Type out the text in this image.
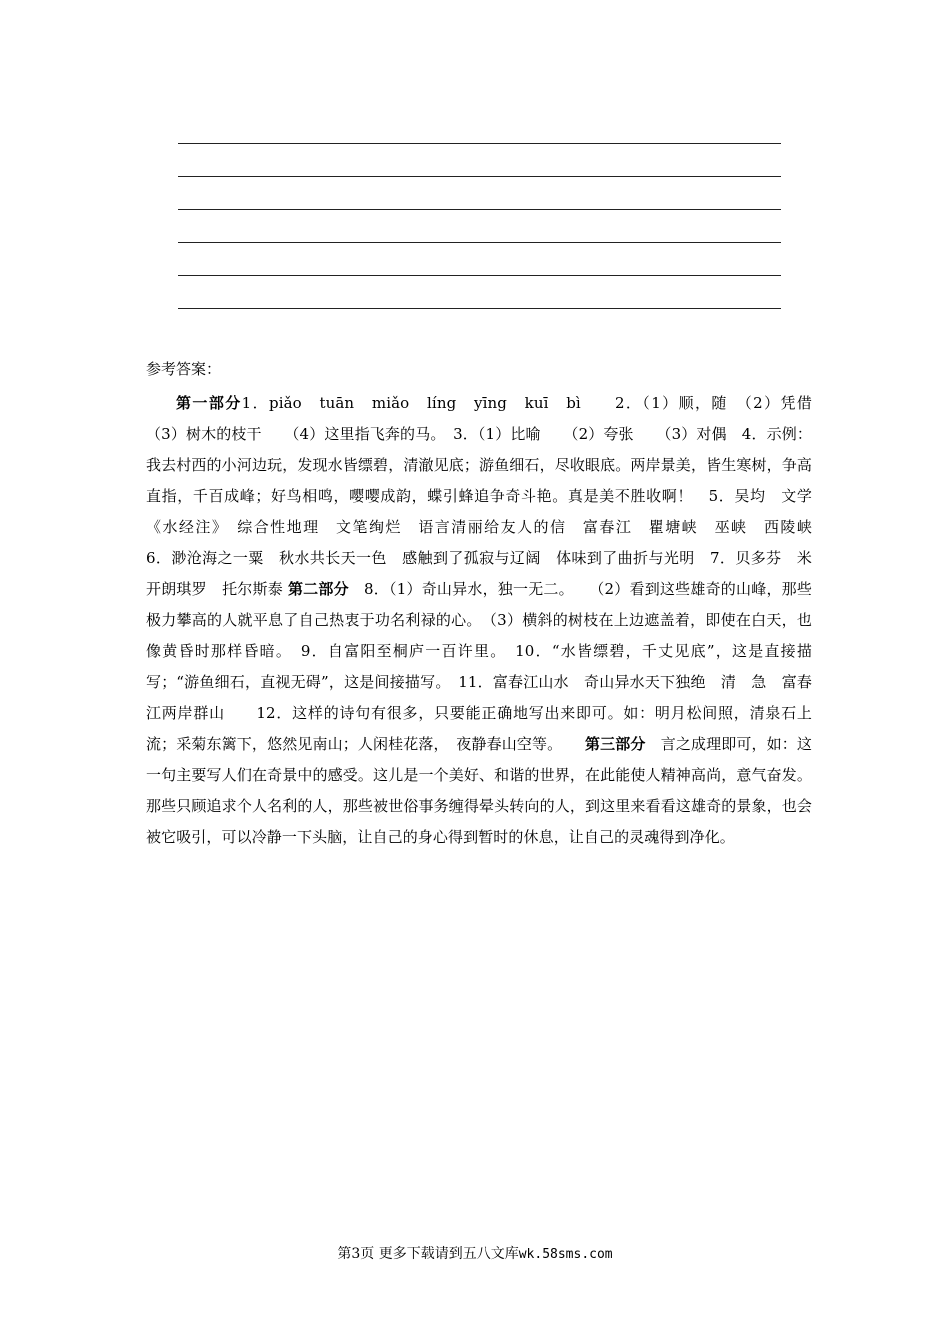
参考答案：
第一部分1．piǎo　tuān　miǎo　líng　yīng　kuī　bì　　2．（1）顺，随　（2）凭借　　（3）树木的枝干　　（4）这里指飞奔的马。　3．（1）比喻　　（2）夸张　　（3）对偶　4．示例：我去村西的小河边玩，发现水皆缥碧，清澈见底；游鱼细石，尽收眼底。两岸景美，皆生寒树，争高直指，千百成峰；好鸟相鸣，嘤嘤成韵，蝶引蜂追争奇斗艳。真是美不胜收啊！　5．吴均　文学　《水经注》　综合性地理　文笔绚烂　语言清丽给友人的信　富春江　瞿塘峡　巫峡　西陵峡　　6．渺沧海之一粟　秋水共长天一色　感触到了孤寂与辽阔　体味到了曲折与光明　7．贝多芬　米开朗琪罗　托尔斯泰 第二部分　8．（1）奇山异水，独一无二。　　（2）看到这些雄奇的山峰，那些极力攀高的人就平息了自己热衷于功名利禄的心。　（3）横斜的树枝在上边遮盖着，即使在白天，也像黄昏时那样昏暗。　9．自富阳至桐庐一百许里。　10．“水皆缥碧，千丈见底”，这是直接描写；“游鱼细石，直视无碍”，这是间接描写。　11．富春江山水　奇山异水天下独绝　清　急　富春江两岸群山　　12．这样的诗句有很多，只要能正确地写出来即可。如：明月松间照，清泉石上流；采菊东篱下，悠然见南山；人闲桂花落，　夜静春山空等。　　第三部分　言之成理即可，如：这一句主要写人们在奇景中的感受。这儿是一个美好、和谐的世界，在此能使人精神高尚，意气奋发。那些只顾追求个人名利的人，那些被世俗事务缠得晕头转向的人，到这里来看看这雄奇的景象，也会被它吸引，可以冷静一下头脑，让自己的身心得到暂时的休息，让自己的灵魂得到净化。
第3页 更多下载请到五八文库wk.58sms.com
